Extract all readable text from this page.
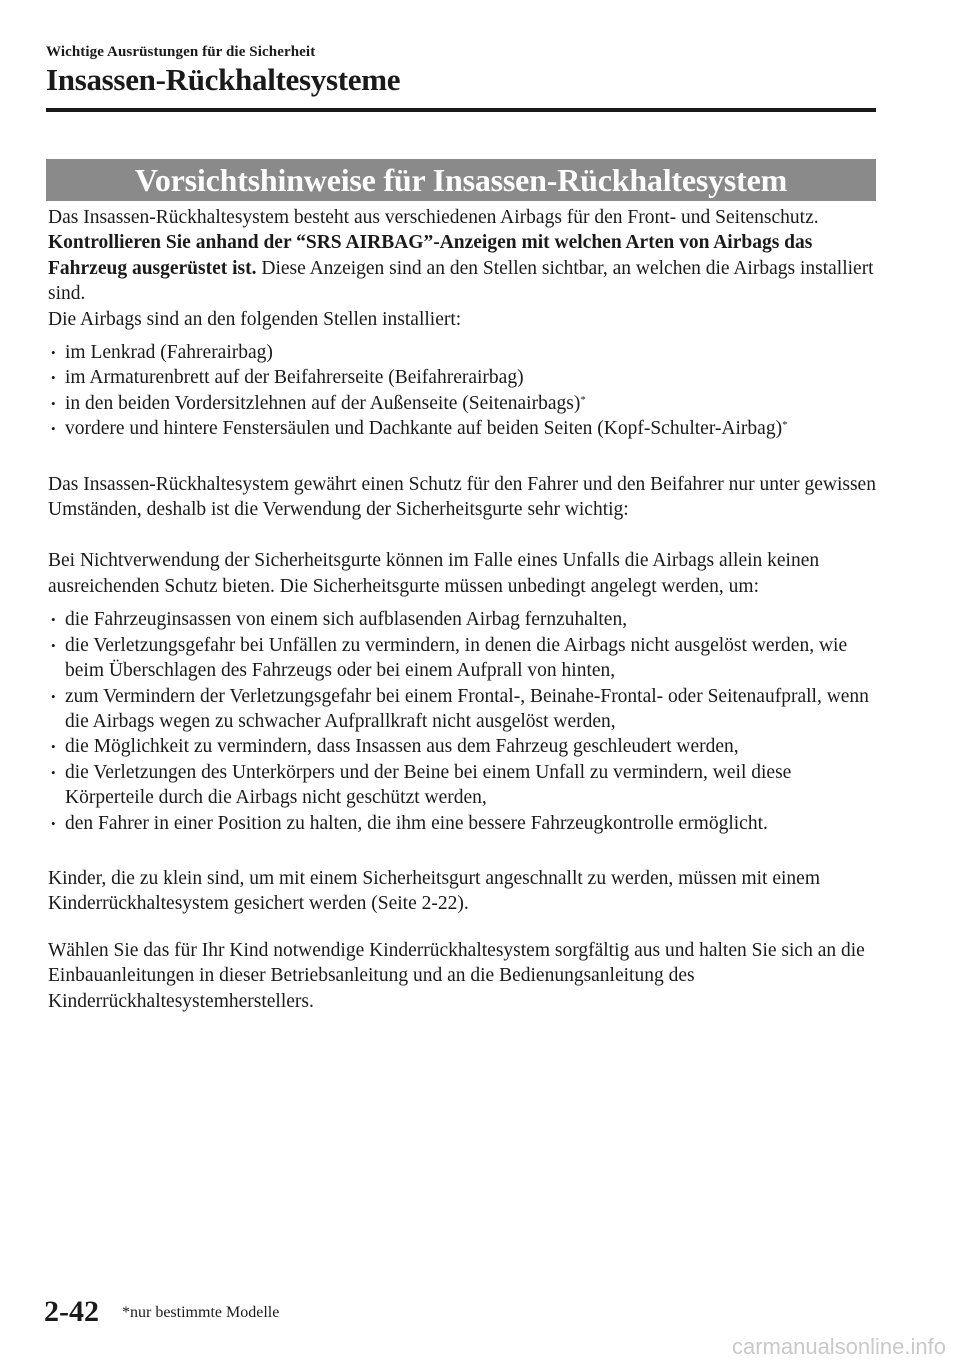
Wichtige Ausrüstungen für die Sicherheit
Insassen-Rückhaltesysteme
Vorsichtshinweise für Insassen-Rückhaltesystem

Das Insassen-Rückhaltesystem besteht aus verschiedenen Airbags für den Front- und Seitenschutz. Kontrollieren Sie anhand der “SRS AIRBAG”-Anzeigen mit welchen Arten von Airbags das Fahrzeug ausgerüstet ist. Diese Anzeigen sind an den Stellen sichtbar, an welchen die Airbags installiert sind.

Die Airbags sind an den folgenden Stellen installiert:

• im Lenkrad (Fahrerairbag)
• im Armaturenbrett auf der Beifahrerseite (Beifahrerairbag)
• in den beiden Vordersitzlehnen auf der Außenseite (Seitenairbags)*
• vordere und hintere Fenstersäulen und Dachkante auf beiden Seiten (Kopf-Schulter-Airbag)*

Das Insassen-Rückhaltesystem gewährt einen Schutz für den Fahrer und den Beifahrer nur unter gewissen Umständen, deshalb ist die Verwendung der Sicherheitsgurte sehr wichtig:

Bei Nichtverwendung der Sicherheitsgurte können im Falle eines Unfalls die Airbags allein keinen ausreichenden Schutz bieten. Die Sicherheitsgurte müssen unbedingt angelegt werden, um:

• die Fahrzeuginsassen von einem sich aufblasenden Airbag fernzuhalten,
• die Verletzungsgefahr bei Unfällen zu vermindern, in denen die Airbags nicht ausgelöst werden, wie beim Überschlagen des Fahrzeugs oder bei einem Aufprall von hinten,
• zum Vermindern der Verletzungsgefahr bei einem Frontal-, Beinahe-Frontal- oder Seitenaufprall, wenn die Airbags wegen zu schwacher Aufprallkraft nicht ausgelöst werden,
• die Möglichkeit zu vermindern, dass Insassen aus dem Fahrzeug geschleudert werden,
• die Verletzungen des Unterkörpers und der Beine bei einem Unfall zu vermindern, weil diese Körperteile durch die Airbags nicht geschützt werden,
• den Fahrer in einer Position zu halten, die ihm eine bessere Fahrzeugkontrolle ermöglicht.

Kinder, die zu klein sind, um mit einem Sicherheitsgurt angeschnallt zu werden, müssen mit einem Kinderrückhaltesystem gesichert werden (Seite 2-22).

Wählen Sie das für Ihr Kind notwendige Kinderrückhaltesystem sorgfältig aus und halten Sie sich an die Einbauanleitungen in dieser Betriebsanleitung und an die Bedienungsanleitung des Kinderrückhaltesystemherstellers.

2-42 *nur bestimmte Modelle
carmanualsonline.info
